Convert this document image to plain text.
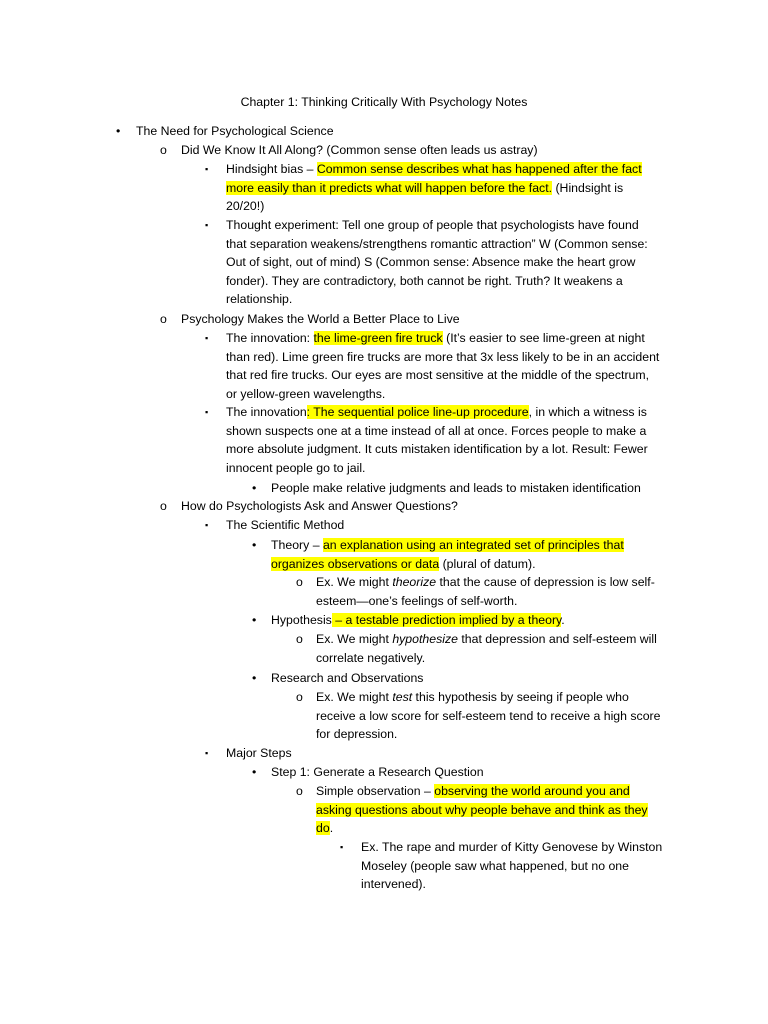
Chapter 1: Thinking Critically With Psychology Notes
• The Need for Psychological Science
o Did We Know It All Along? (Common sense often leads us astray)
▪ Hindsight bias – Common sense describes what has happened after the fact
more easily than it predicts what will happen before the fact. (Hindsight is
20/20!)
▪ Thought experiment: Tell one group of people that psychologists have found
that separation weakens/strengthens romantic attraction” W (Common sense:
Out of sight, out of mind) S (Common sense: Absence make the heart grow
fonder). They are contradictory, both cannot be right. Truth? It weakens a
relationship.
o Psychology Makes the World a Better Place to Live
▪ The innovation: the lime-green fire truck (It’s easier to see lime-green at night
than red). Lime green fire trucks are more that 3x less likely to be in an accident
that red fire trucks. Our eyes are most sensitive at the middle of the spectrum,
or yellow-green wavelengths.
▪ The innovation: The sequential police line-up procedure, in which a witness is
shown suspects one at a time instead of all at once. Forces people to make a
more absolute judgment. It cuts mistaken identification by a lot. Result: Fewer
innocent people go to jail.
• People make relative judgments and leads to mistaken identification
o How do Psychologists Ask and Answer Questions?
▪ The Scientific Method
• Theory – an explanation using an integrated set of principles that
organizes observations or data (plural of datum).
o Ex. We might theorize that the cause of depression is low self-
esteem—one’s feelings of self-worth.
• Hypothesis – a testable prediction implied by a theory.
o Ex. We might hypothesize that depression and self-esteem will
correlate negatively.
• Research and Observations
o Ex. We might test this hypothesis by seeing if people who
receive a low score for self-esteem tend to receive a high score
for depression.
▪ Major Steps
• Step 1: Generate a Research Question
o Simple observation – observing the world around you and
asking questions about why people behave and think as they
do.
▪ Ex. The rape and murder of Kitty Genovese by Winston
Moseley (people saw what happened, but no one
intervened).
